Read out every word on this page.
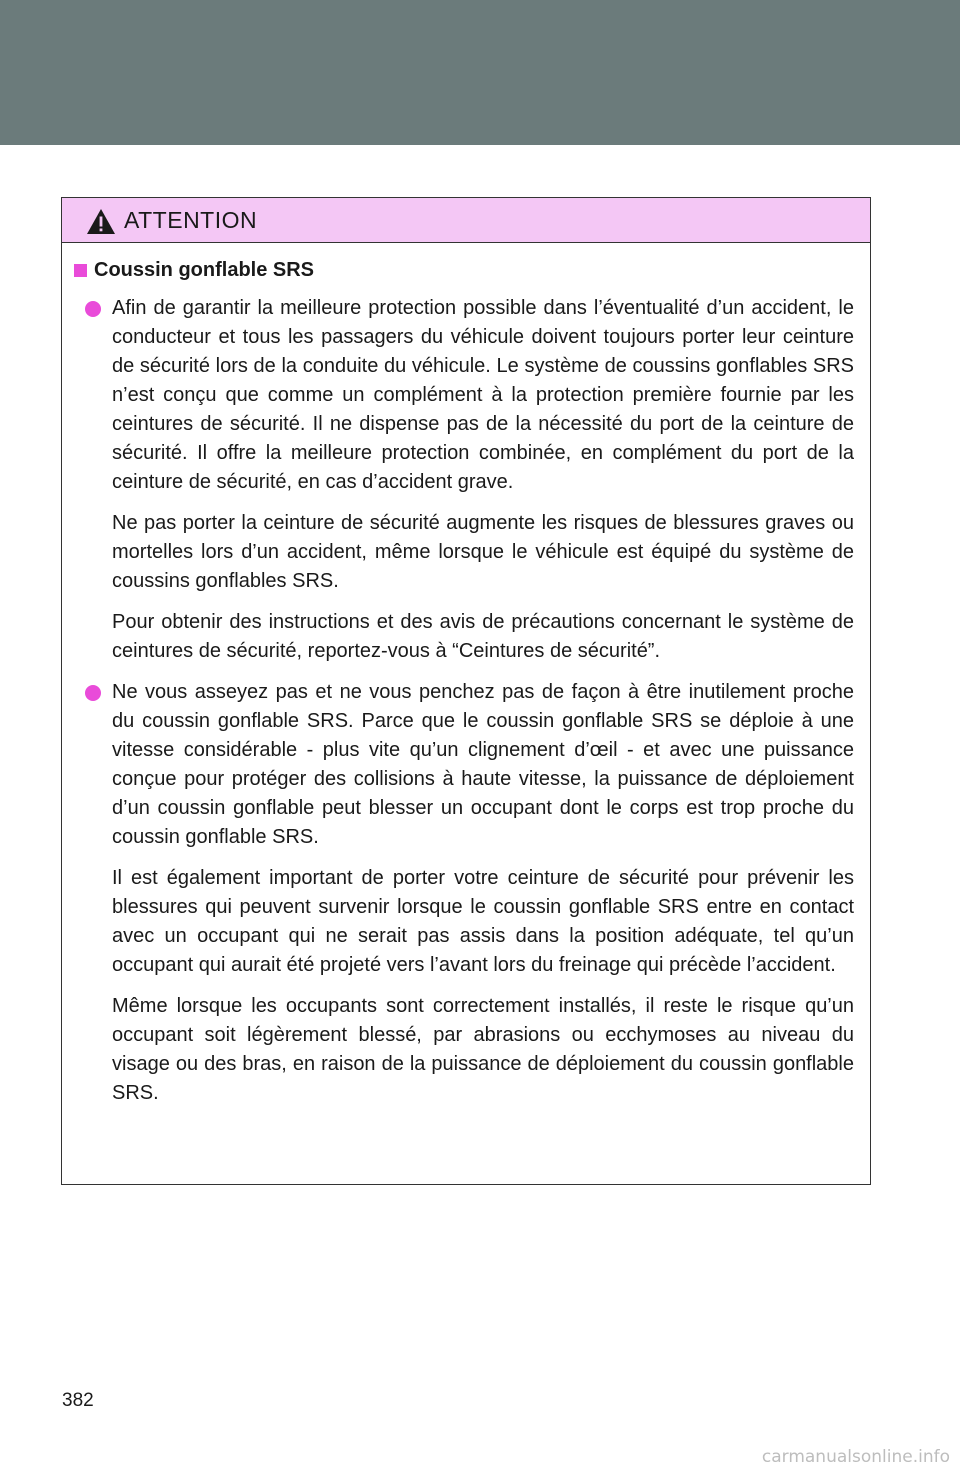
ATTENTION
Coussin gonflable SRS

Afin de garantir la meilleure protection possible dans l’éventualité d’un accident, le conducteur et tous les passagers du véhicule doivent toujours porter leur ceinture de sécurité lors de la conduite du véhicule. Le système de coussins gonflables SRS n’est conçu que comme un complément à la protection première fournie par les ceintures de sécurité. Il ne dispense pas de la nécessité du port de la ceinture de sécurité. Il offre la meilleure protection combinée, en complément du port de la ceinture de sécurité, en cas d’accident grave.

Ne pas porter la ceinture de sécurité augmente les risques de blessures graves ou mortelles lors d’un accident, même lorsque le véhicule est équipé du système de coussins gonflables SRS.

Pour obtenir des instructions et des avis de précautions concernant le système de ceintures de sécurité, reportez-vous à “Ceintures de sécurité”.

Ne vous asseyez pas et ne vous penchez pas de façon à être inutilement proche du coussin gonflable SRS. Parce que le coussin gonflable SRS se déploie à une vitesse considérable - plus vite qu’un clignement d’œil - et avec une puissance conçue pour protéger des collisions à haute vitesse, la puissance de déploiement d’un coussin gonflable peut blesser un occupant dont le corps est trop proche du coussin gonflable SRS.

Il est également important de porter votre ceinture de sécurité pour prévenir les blessures qui peuvent survenir lorsque le coussin gonflable SRS entre en contact avec un occupant qui ne serait pas assis dans la position adéquate, tel qu’un occupant qui aurait été projeté vers l’avant lors du freinage qui précède l’accident.

Même lorsque les occupants sont correctement installés, il reste le risque qu’un occupant soit légèrement blessé, par abrasions ou ecchymoses au niveau du visage ou des bras, en raison de la puissance de déploiement du coussin gonflable SRS.

382
carmanualsonline.info
